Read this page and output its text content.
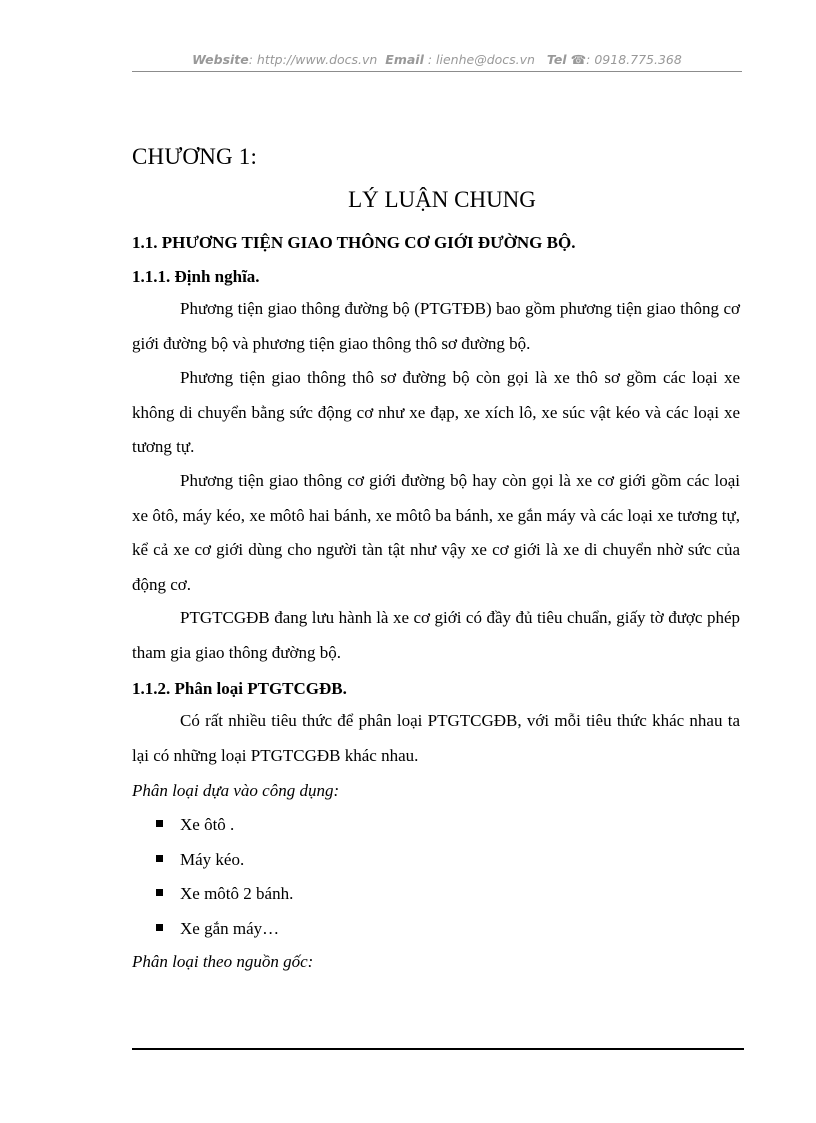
Website: http://www.docs.vn Email : lienhe@docs.vn Tel ☎: 0918.775.368
CHƯƠNG 1:
LÝ LUẬN CHUNG
1.1. PHƯƠNG TIỆN GIAO THÔNG CƠ GIỚI ĐƯỜNG BỘ.
1.1.1. Định nghĩa.

Phương tiện giao thông đường bộ (PTGTĐB) bao gồm phương tiện giao thông cơ giới đường bộ và phương tiện giao thông thô sơ đường bộ.

Phương tiện giao thông thô sơ đường bộ còn gọi là xe thô sơ gồm các loại xe không di chuyển bằng sức động cơ như xe đạp, xe xích lô, xe súc vật kéo và các loại xe tương tự.

Phương tiện giao thông cơ giới đường bộ hay còn gọi là xe cơ giới gồm các loại xe ôtô, máy kéo, xe môtô hai bánh, xe môtô ba bánh, xe gắn máy và các loại xe tương tự, kể cả xe cơ giới dùng cho người tàn tật như vậy xe cơ giới là xe di chuyển nhờ sức của động cơ.

PTGTCGĐB đang lưu hành là xe cơ giới có đầy đủ tiêu chuẩn, giấy tờ được phép tham gia giao thông đường bộ.

1.1.2. Phân loại PTGTCGĐB.

Có rất nhiều tiêu thức để phân loại PTGTCGĐB, với mỗi tiêu thức khác nhau ta lại có những loại PTGTCGĐB khác nhau.

Phân loại dựa vào công dụng:
Xe ôtô .
Máy kéo.
Xe môtô 2 bánh.
Xe gắn máy…
Phân loại theo nguồn gốc:
